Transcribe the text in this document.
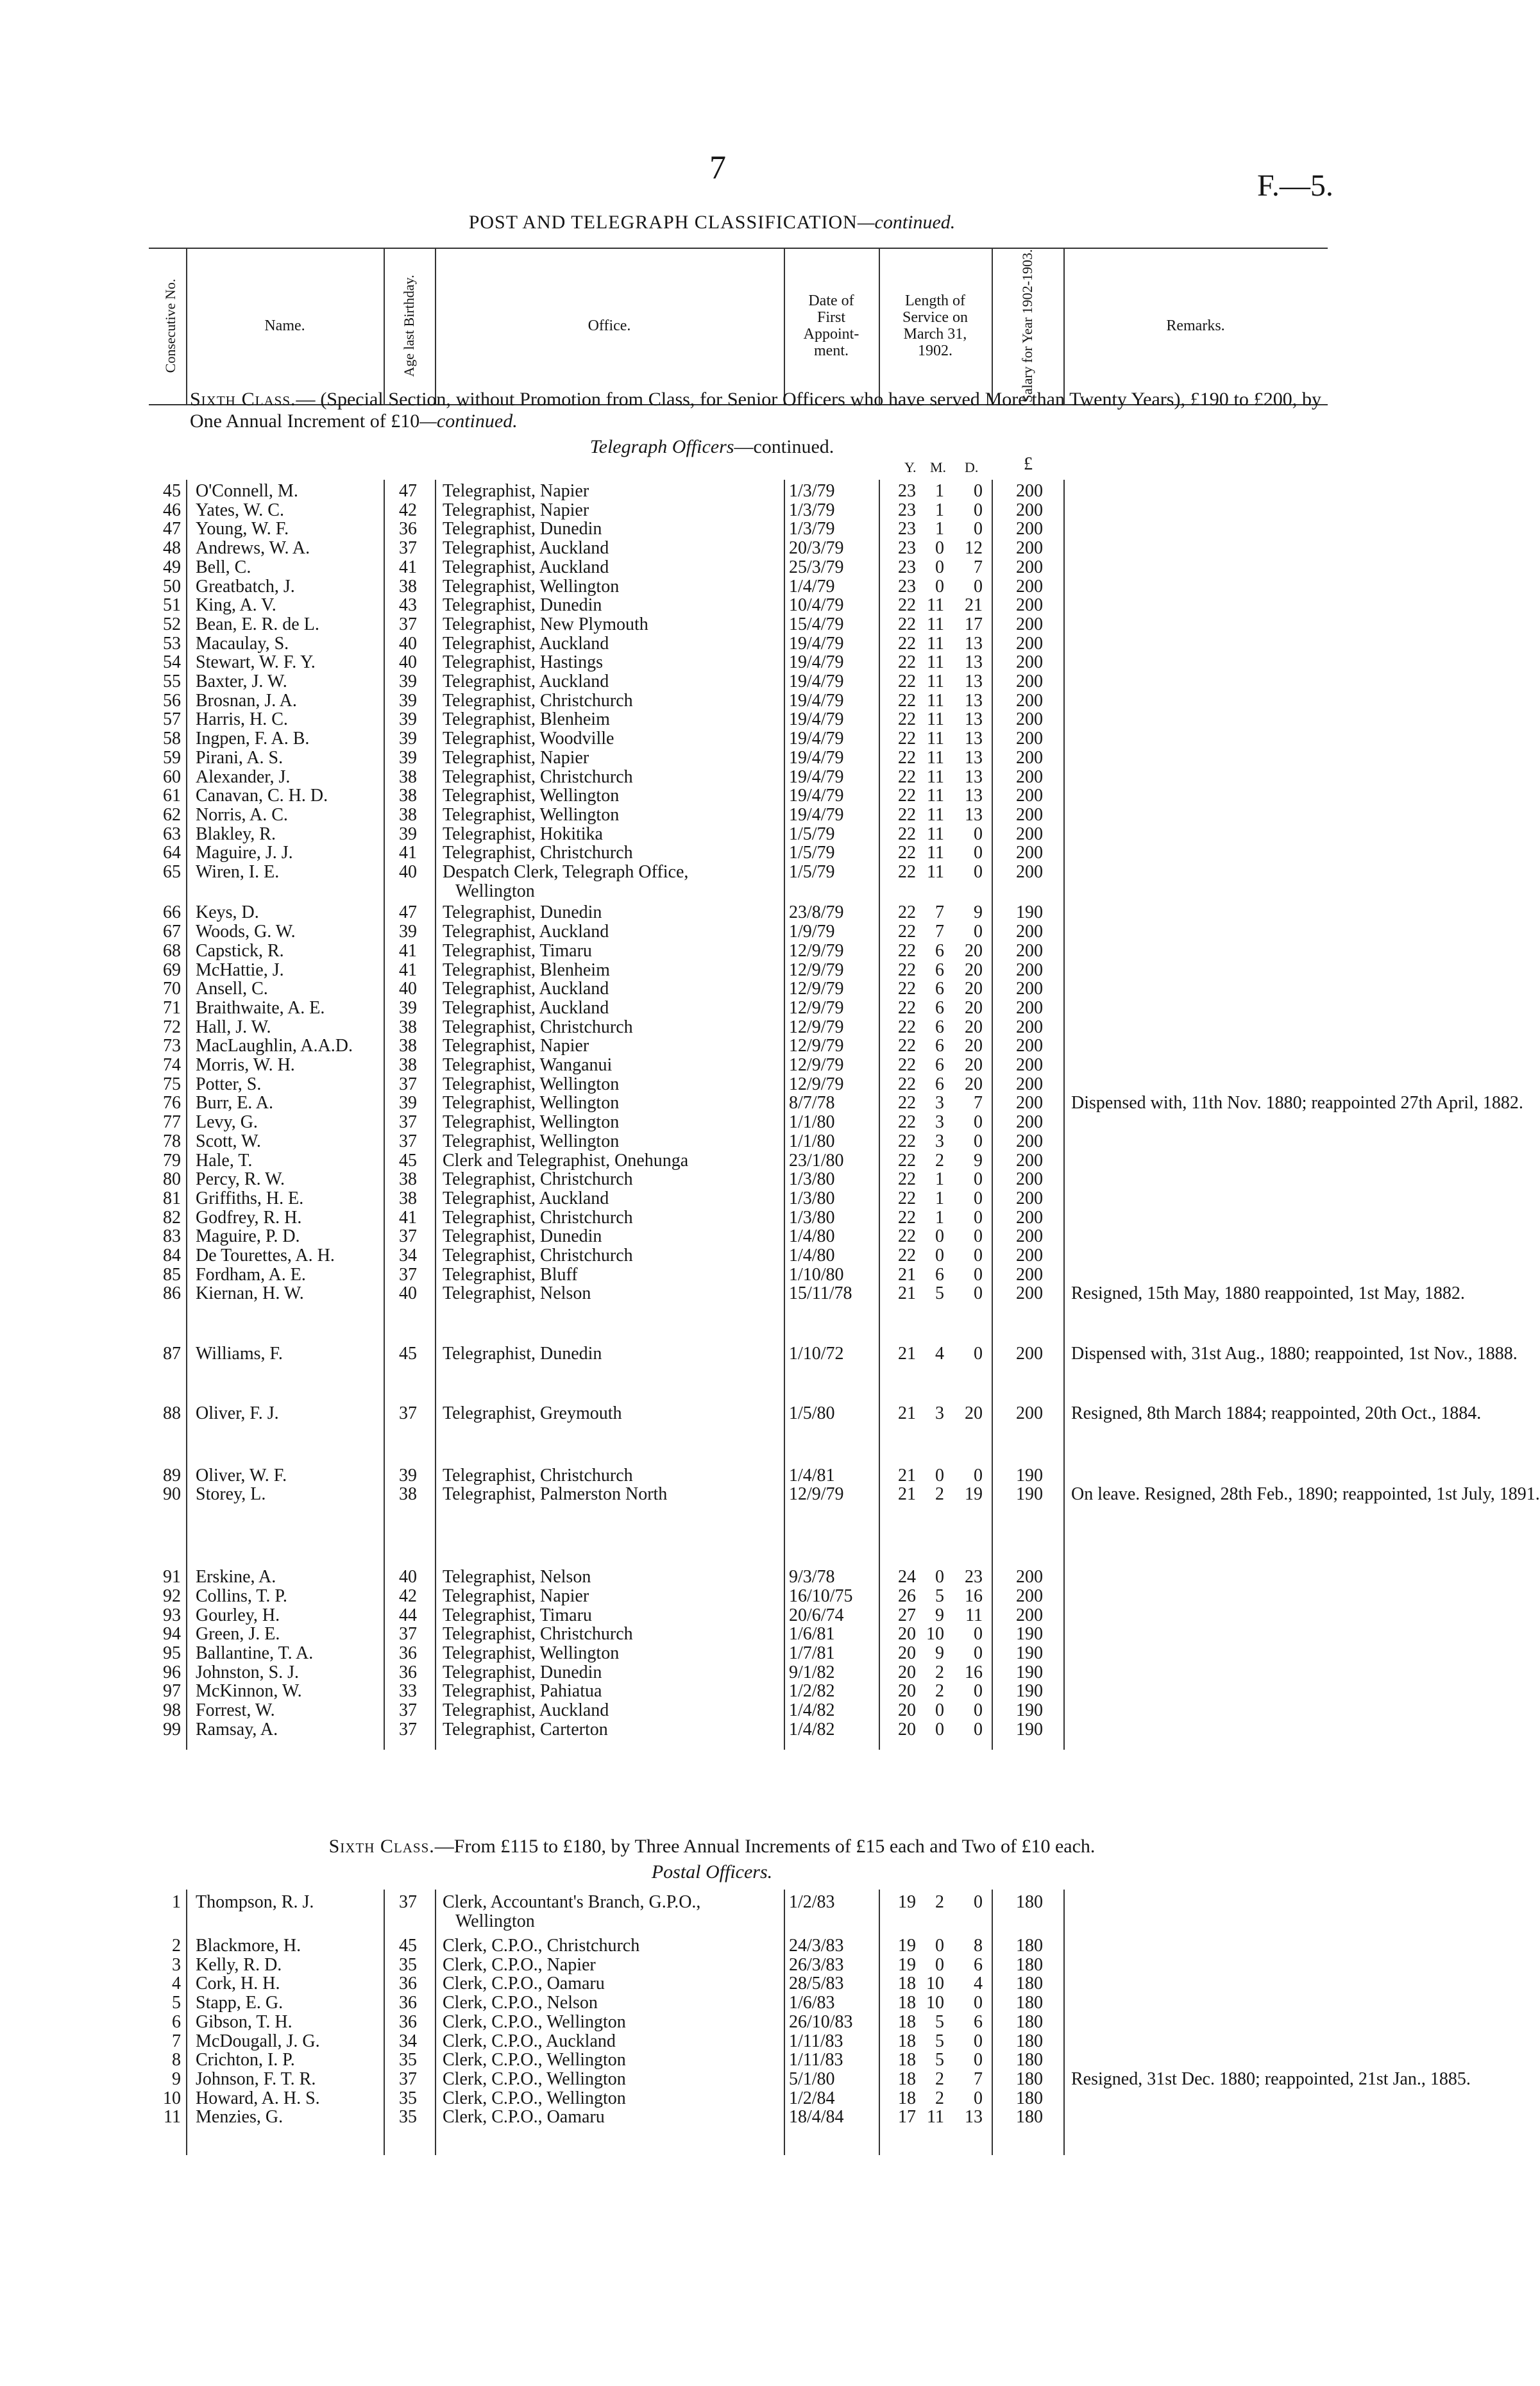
7	F.—5.
POST AND TELEGRAPH CLASSIFICATION—continued.
Consecutive No.	Name.	Age last Birthday.	Office.
Date of First Appoint-ment.
Length of Service on March 31, 1902.	Salary for Year 1902-1903.	Remarks.
Sixth Class.— (Special Section, without Promotion from Class, for Senior Officers who have served More than Twenty Years), £190 to £200, by One Annual Increment of £10—continued.
Telegraph Officers—continued.
Y. M. D.	£
45 O'Connell, M.	47	Telegraphist, Napier	1/3/79	23	1	0	200
46 Yates, W. C.	42	Telegraphist, Napier	1/3/79	23	1	0	200
47 Young, W. F.	36	Telegraphist, Dunedin	1/3/79	23	1	0	200
48 Andrews, W. A.	37	Telegraphist, Auckland	20/3/79	23	0	12	200
49 Bell, C.	41	Telegraphist, Auckland	25/3/79	23	0	7	200
50 Greatbatch, J.	38	Telegraphist, Wellington	1/4/79	23	0	0	200
51 King, A. V.	43	Telegraphist, Dunedin	10/4/79	22 11	21	200
52 Bean, E. R. de L.	37	Telegraphist, New Plymouth	15/4/79	22 11	17	200
53 Macaulay, S.	40	Telegraphist, Auckland	19/4/79	22 11	13	200
54 Stewart, W. F. Y.	40	Telegraphist, Hastings	19/4/79	22 11	13	200
55 Baxter, J. W.	39	Telegraphist, Auckland	19/4/79	22 11	13	200
56 Brosnan, J. A.	39	Telegraphist, Christchurch	19/4/79	22 11	13	200
57 Harris, H. C.	39	Telegraphist, Blenheim	19/4/79	22 11	13	200
58 Ingpen, F. A. B.	39	Telegraphist, Woodville	19/4/79	22 11	13	200
59 Pirani, A. S.	39	Telegraphist, Napier	19/4/79	22 11	13	200
60 Alexander, J.	38	Telegraphist, Christchurch	19/4/79	22 11	13	200
61 Canavan, C. H. D.	38	Telegraphist, Wellington	19/4/79	22 11	13	200
62 Norris, A. C.	38	Telegraphist, Wellington	19/4/79	22 11	13	200
63 Blakley, R.	39	Telegraphist, Hokitika	1/5/79	22 11	0	200
64 Maguire, J. J.	41	Telegraphist, Christchurch	1/5/79	22 11	0	200
65 Wiren, I. E.	40	Despatch Clerk, Telegraph Office,	1/5/79	22 11	0	200
Wellington
66 Keys, D.	47	Telegraphist, Dunedin	23/8/79	22	7	9	190
67 Woods, G. W.	39	Telegraphist, Auckland	1/9/79	22	7	0	200
68 Capstick, R.	41	Telegraphist, Timaru	12/9/79	22	6	20	200
69 McHattie, J.	41	Telegraphist, Blenheim	12/9/79	22	6	20	200
70 Ansell, C.	40	Telegraphist, Auckland	12/9/79	22	6	20	200
71 Braithwaite, A. E.	39	Telegraphist, Auckland	12/9/79	22	6	20	200
72 Hall, J. W.	38	Telegraphist, Christchurch	12/9/79	22	6	20	200
73 MacLaughlin, A.A.D.	38	Telegraphist, Napier	12/9/79	22	6	20	200
74 Morris, W. H.	38	Telegraphist, Wanganui	12/9/79	22	6	20	200
75 Potter, S.	37	Telegraphist, Wellington	12/9/79	22	6	20	200
76 Burr, E. A.	39	Telegraphist, Wellington	8/7/78	22	3	7	200	Dispensed with, 11th Nov. 1880; reappointed 27th April, 1882.
77 Levy, G.	37	Telegraphist, Wellington	1/1/80	22	3	0	200
78 Scott, W.	37	Telegraphist, Wellington	1/1/80	22	3	0	200
79 Hale, T.	45	Clerk and Telegraphist, Onehunga	23/1/80	22	2	9	200
80 Percy, R. W.	38	Telegraphist, Christchurch	1/3/80	22	1	0	200
81 Griffiths, H. E.	38	Telegraphist, Auckland	1/3/80	22	1	0	200
82 Godfrey, R. H.	41	Telegraphist, Christchurch	1/3/80	22	1	0	200
83 Maguire, P. D.	37	Telegraphist, Dunedin	1/4/80	22	0	0	200
84 De Tourettes, A. H.	34	Telegraphist, Christchurch	1/4/80	22	0	0	200
85 Fordham, A. E.	37	Telegraphist, Bluff	1/10/80	21	6	0	200
86 Kiernan, H. W.	40	Telegraphist, Nelson	15/11/78	21	5	0	200	Resigned, 15th May, 1880 reappointed, 1st May, 1882.
87 Williams, F.	45	Telegraphist, Dunedin	1/10/72	21	4	0	200	Dispensed with, 31st Aug., 1880; reappointed, 1st Nov., 1888.
88 Oliver, F. J.	37	Telegraphist, Greymouth	1/5/80	21	3	20	200	Resigned, 8th March 1884; reappointed, 20th Oct., 1884.
89 Oliver, W. F.	39	Telegraphist, Christchurch	1/4/81	21	0	0	190
90 Storey, L.	38	Telegraphist, Palmerston North	12/9/79	21	2	19	190	On leave. Resigned, 28th Feb., 1890; reappointed, 1st July, 1891.
91 Erskine, A.	40	Telegraphist, Nelson	9/3/78	24	0	23	200
92 Collins, T. P.	42	Telegraphist, Napier	16/10/75	26	5	16	200
93 Gourley, H.	44	Telegraphist, Timaru	20/6/74	27	9	11	200
94 Green, J. E.	37	Telegraphist, Christchurch	1/6/81	20 10	0	190
95 Ballantine, T. A.	36	Telegraphist, Wellington	1/7/81	20	9	0	190
96 Johnston, S. J.	36	Telegraphist, Dunedin	9/1/82	20	2	16	190
97 McKinnon, W.	33	Telegraphist, Pahiatua	1/2/82	20	2	0	190
98 Forrest, W.	37	Telegraphist, Auckland	1/4/82	20	0	0	190
99 Ramsay, A.	37	Telegraphist, Carterton	1/4/82	20	0	0	190
Sixth Class.—From £115 to £180, by Three Annual Increments of £15 each and Two of £10 each.
Postal Officers.
1 Thompson, R. J.	37	Clerk, Accountant's Branch, G.P.O.,	1/2/83	19	2	0	180
Wellington
2 Blackmore, H.	45	Clerk, C.P.O., Christchurch	24/3/83	19	0	8	180
3 Kelly, R. D.	35	Clerk, C.P.O., Napier	26/3/83	19	0	6	180
4 Cork, H. H.	36	Clerk, C.P.O., Oamaru	28/5/83	18 10	4	180
5 Stapp, E. G.	36	Clerk, C.P.O., Nelson	1/6/83	18 10	0	180
6 Gibson, T. H.	36	Clerk, C.P.O., Wellington	26/10/83	18	5	6	180
7 McDougall, J. G.	34	Clerk, C.P.O., Auckland	1/11/83	18	5	0	180
8 Crichton, I. P.	35	Clerk, C.P.O., Wellington	1/11/83	18	5	0	180
9 Johnson, F. T. R.	37	Clerk, C.P.O., Wellington	5/1/80	18	2	7	180	Resigned, 31st Dec. 1880; reappointed, 21st Jan., 1885.
10 Howard, A. H. S.	35	Clerk, C.P.O., Wellington	1/2/84	18	2	0	180
11 Menzies, G.	35	Clerk, C.P.O., Oamaru	18/4/84	17 11	13	180
